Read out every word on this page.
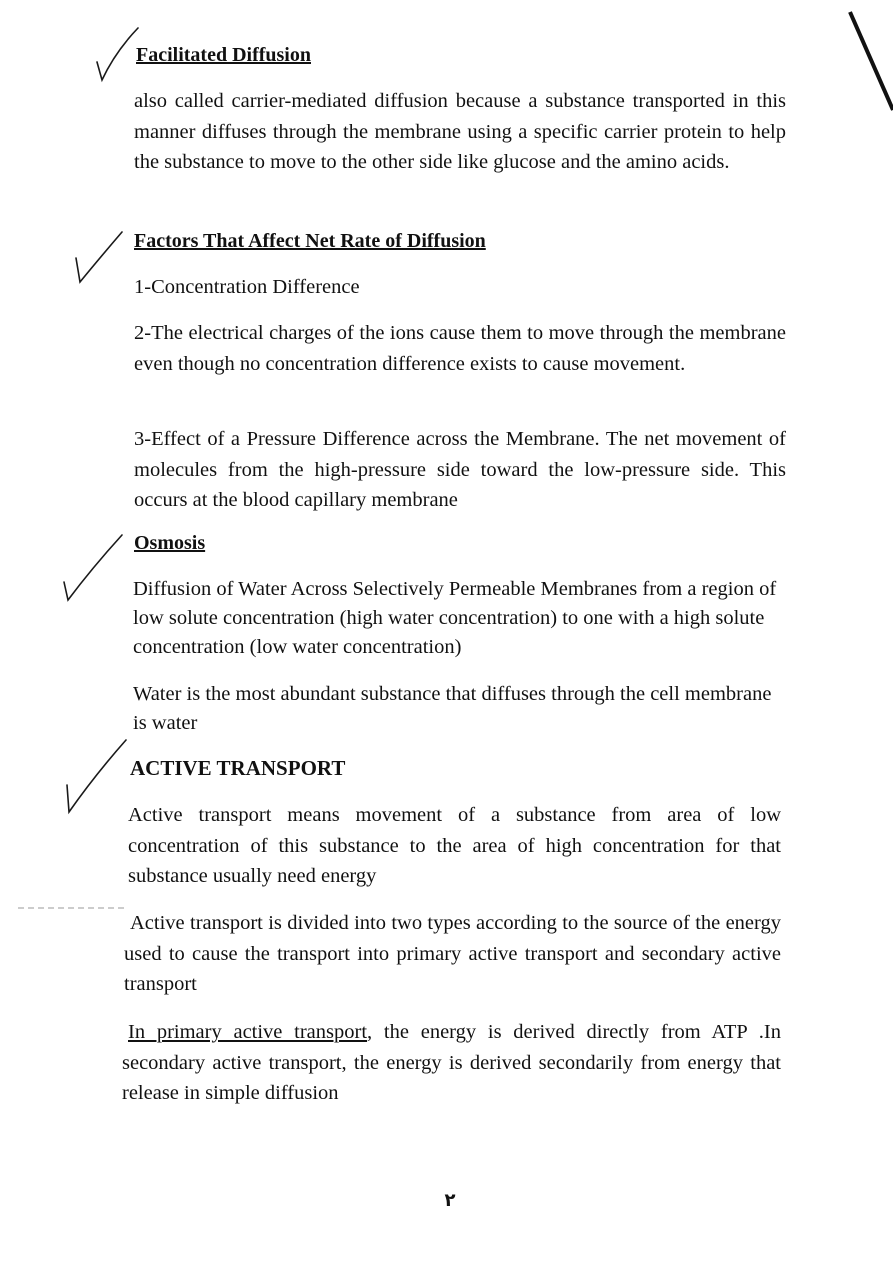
Facilitated Diffusion

also called carrier-mediated diffusion because a substance transported in this manner diffuses through the membrane using a specific carrier protein to help the substance to move to the other side like glucose and the amino acids.

Factors That Affect Net Rate of Diffusion

1-Concentration Difference

2-The electrical charges of the ions cause them to move through the membrane even though no concentration difference exists to cause movement.

3-Effect of a Pressure Difference across the Membrane. The net movement of molecules from the high-pressure side toward the low-pressure side. This occurs at the blood capillary membrane

Osmosis

Diffusion of Water Across Selectively Permeable Membranes from a region of low solute concentration (high water concentration) to one with a high solute concentration (low water concentration)

Water is the most abundant substance that diffuses through the cell membrane is water

ACTIVE TRANSPORT

Active transport means movement of a substance from area of low concentration of this substance to the area of high concentration for that substance usually need energy

Active transport is divided into two types according to the source of the energy used to cause the transport into primary active transport and secondary active transport

In primary active transport, the energy is derived directly from ATP .In secondary active transport, the energy is derived secondarily from energy that release in simple diffusion

٢
